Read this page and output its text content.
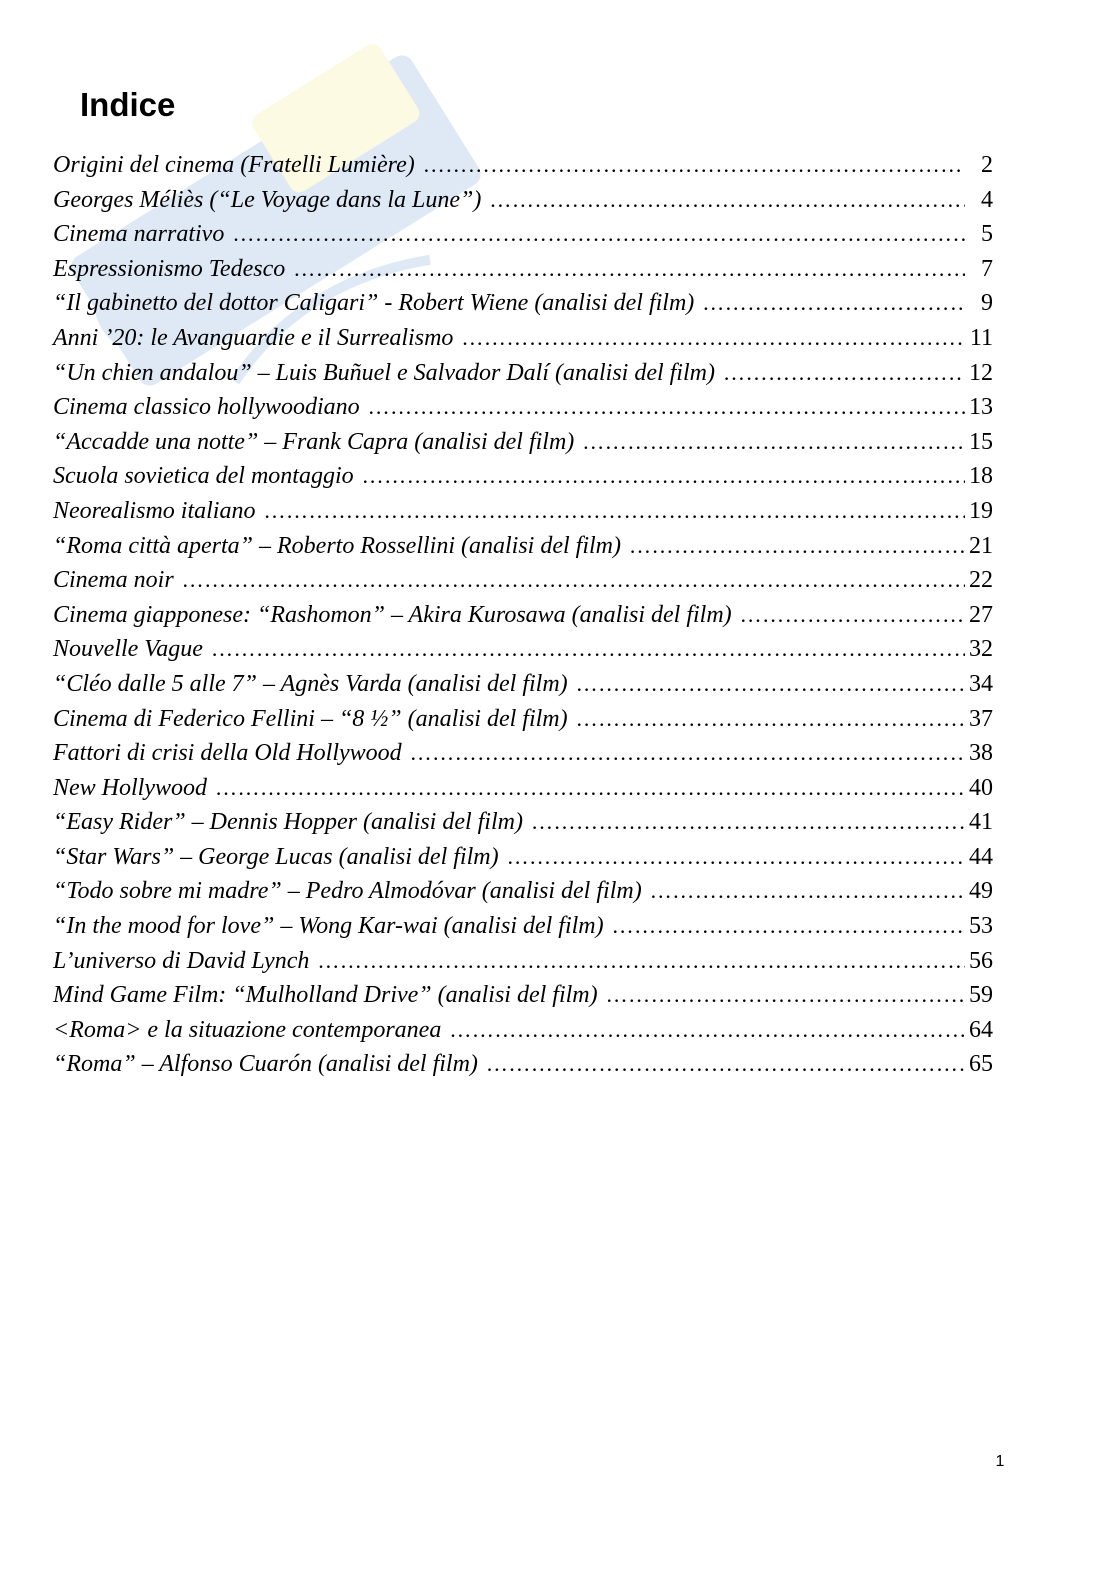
Indice
Origini del cinema (Fratelli Lumière) …………………………………………………………………………………………………………………………………………………………	2
Georges Méliès (“Le Voyage dans la Lune”) …………………………………………………………………………………………………………………………………………………………	4
Cinema narrativo …………………………………………………………………………………………………………………………………………………………	5
Espressionismo Tedesco …………………………………………………………………………………………………………………………………………………………	7
“Il gabinetto del dottor Caligari” - Robert Wiene (analisi del film) …………………………………………………………………………………………………………………………………………………………	9
Anni ’20: le Avanguardie e il Surrealismo …………………………………………………………………………………………………………………………………………………………	11
“Un chien andalou” – Luis Buñuel e Salvador Dalí (analisi del film) …………………………………………………………………………………………………………………………………………………………	12
Cinema classico hollywoodiano …………………………………………………………………………………………………………………………………………………………	13
“Accadde una notte” – Frank Capra (analisi del film) …………………………………………………………………………………………………………………………………………………………	15
Scuola sovietica del montaggio …………………………………………………………………………………………………………………………………………………………	18
Neorealismo italiano …………………………………………………………………………………………………………………………………………………………	19
“Roma città aperta” – Roberto Rossellini (analisi del film) …………………………………………………………………………………………………………………………………………………………	21
Cinema noir …………………………………………………………………………………………………………………………………………………………	22
Cinema giapponese: “Rashomon” – Akira Kurosawa (analisi del film) …………………………………………………………………………………………………………………………………………………………	27
Nouvelle Vague …………………………………………………………………………………………………………………………………………………………	32
“Cléo dalle 5 alle 7” – Agnès Varda (analisi del film) …………………………………………………………………………………………………………………………………………………………	34
Cinema di Federico Fellini – “8 ½” (analisi del film) …………………………………………………………………………………………………………………………………………………………	37
Fattori di crisi della Old Hollywood …………………………………………………………………………………………………………………………………………………………	38
New Hollywood …………………………………………………………………………………………………………………………………………………………	40
“Easy Rider” – Dennis Hopper (analisi del film) …………………………………………………………………………………………………………………………………………………………	41
“Star Wars” – George Lucas (analisi del film) …………………………………………………………………………………………………………………………………………………………	44
“Todo sobre mi madre” – Pedro Almodóvar (analisi del film) …………………………………………………………………………………………………………………………………………………………	49
“In the mood for love” – Wong Kar-wai (analisi del film) …………………………………………………………………………………………………………………………………………………………	53
L’universo di David Lynch …………………………………………………………………………………………………………………………………………………………	56
Mind Game Film: “Mulholland Drive” (analisi del film) …………………………………………………………………………………………………………………………………………………………	59
<Roma> e la situazione contemporanea …………………………………………………………………………………………………………………………………………………………	64
“Roma” – Alfonso Cuarón (analisi del film) …………………………………………………………………………………………………………………………………………………………	65
1
